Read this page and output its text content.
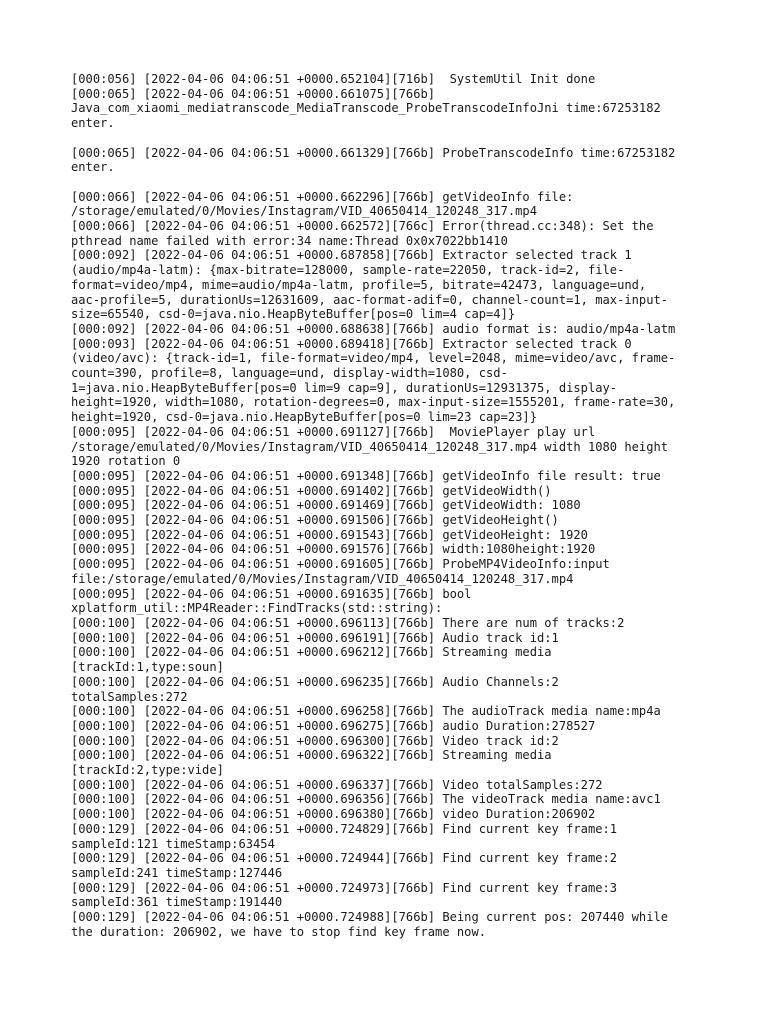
[000:056] [2022-04-06 04:06:51 +0000.652104][716b]  SystemUtil Init done
[000:065] [2022-04-06 04:06:51 +0000.661075][766b]
Java_com_xiaomi_mediatranscode_MediaTranscode_ProbeTranscodeInfoJni time:67253182
enter.
[000:065] [2022-04-06 04:06:51 +0000.661329][766b] ProbeTranscodeInfo time:67253182
enter.
[000:066] [2022-04-06 04:06:51 +0000.662296][766b] getVideoInfo file:
/storage/emulated/0/Movies/Instagram/VID_40650414_120248_317.mp4
[000:066] [2022-04-06 04:06:51 +0000.662572][766c] Error(thread.cc:348): Set the
pthread name failed with error:34 name:Thread 0x0x7022bb1410
[000:092] [2022-04-06 04:06:51 +0000.687858][766b] Extractor selected track 1
(audio/mp4a-latm): {max-bitrate=128000, sample-rate=22050, track-id=2, file-
format=video/mp4, mime=audio/mp4a-latm, profile=5, bitrate=42473, language=und,
aac-profile=5, durationUs=12631609, aac-format-adif=0, channel-count=1, max-input-
size=65540, csd-0=java.nio.HeapByteBuffer[pos=0 lim=4 cap=4]}
[000:092] [2022-04-06 04:06:51 +0000.688638][766b] audio format is: audio/mp4a-latm
[000:093] [2022-04-06 04:06:51 +0000.689418][766b] Extractor selected track 0
(video/avc): {track-id=1, file-format=video/mp4, level=2048, mime=video/avc, frame-
count=390, profile=8, language=und, display-width=1080, csd-
1=java.nio.HeapByteBuffer[pos=0 lim=9 cap=9], durationUs=12931375, display-
height=1920, width=1080, rotation-degrees=0, max-input-size=1555201, frame-rate=30,
height=1920, csd-0=java.nio.HeapByteBuffer[pos=0 lim=23 cap=23]}
[000:095] [2022-04-06 04:06:51 +0000.691127][766b]  MoviePlayer play url
/storage/emulated/0/Movies/Instagram/VID_40650414_120248_317.mp4 width 1080 height
1920 rotation 0
[000:095] [2022-04-06 04:06:51 +0000.691348][766b] getVideoInfo file result: true
[000:095] [2022-04-06 04:06:51 +0000.691402][766b] getVideoWidth()
[000:095] [2022-04-06 04:06:51 +0000.691469][766b] getVideoWidth: 1080
[000:095] [2022-04-06 04:06:51 +0000.691506][766b] getVideoHeight()
[000:095] [2022-04-06 04:06:51 +0000.691543][766b] getVideoHeight: 1920
[000:095] [2022-04-06 04:06:51 +0000.691576][766b] width:1080height:1920
[000:095] [2022-04-06 04:06:51 +0000.691605][766b] ProbeMP4VideoInfo:input
file:/storage/emulated/0/Movies/Instagram/VID_40650414_120248_317.mp4
[000:095] [2022-04-06 04:06:51 +0000.691635][766b] bool
xplatform_util::MP4Reader::FindTracks(std::string):
[000:100] [2022-04-06 04:06:51 +0000.696113][766b] There are num of tracks:2
[000:100] [2022-04-06 04:06:51 +0000.696191][766b] Audio track id:1
[000:100] [2022-04-06 04:06:51 +0000.696212][766b] Streaming media
[trackId:1,type:soun]
[000:100] [2022-04-06 04:06:51 +0000.696235][766b] Audio Channels:2
totalSamples:272
[000:100] [2022-04-06 04:06:51 +0000.696258][766b] The audioTrack media name:mp4a
[000:100] [2022-04-06 04:06:51 +0000.696275][766b] audio Duration:278527
[000:100] [2022-04-06 04:06:51 +0000.696300][766b] Video track id:2
[000:100] [2022-04-06 04:06:51 +0000.696322][766b] Streaming media
[trackId:2,type:vide]
[000:100] [2022-04-06 04:06:51 +0000.696337][766b] Video totalSamples:272
[000:100] [2022-04-06 04:06:51 +0000.696356][766b] The videoTrack media name:avc1
[000:100] [2022-04-06 04:06:51 +0000.696380][766b] video Duration:206902
[000:129] [2022-04-06 04:06:51 +0000.724829][766b] Find current key frame:1
sampleId:121 timeStamp:63454
[000:129] [2022-04-06 04:06:51 +0000.724944][766b] Find current key frame:2
sampleId:241 timeStamp:127446
[000:129] [2022-04-06 04:06:51 +0000.724973][766b] Find current key frame:3
sampleId:361 timeStamp:191440
[000:129] [2022-04-06 04:06:51 +0000.724988][766b] Being current pos: 207440 while
the duration: 206902, we have to stop find key frame now.
